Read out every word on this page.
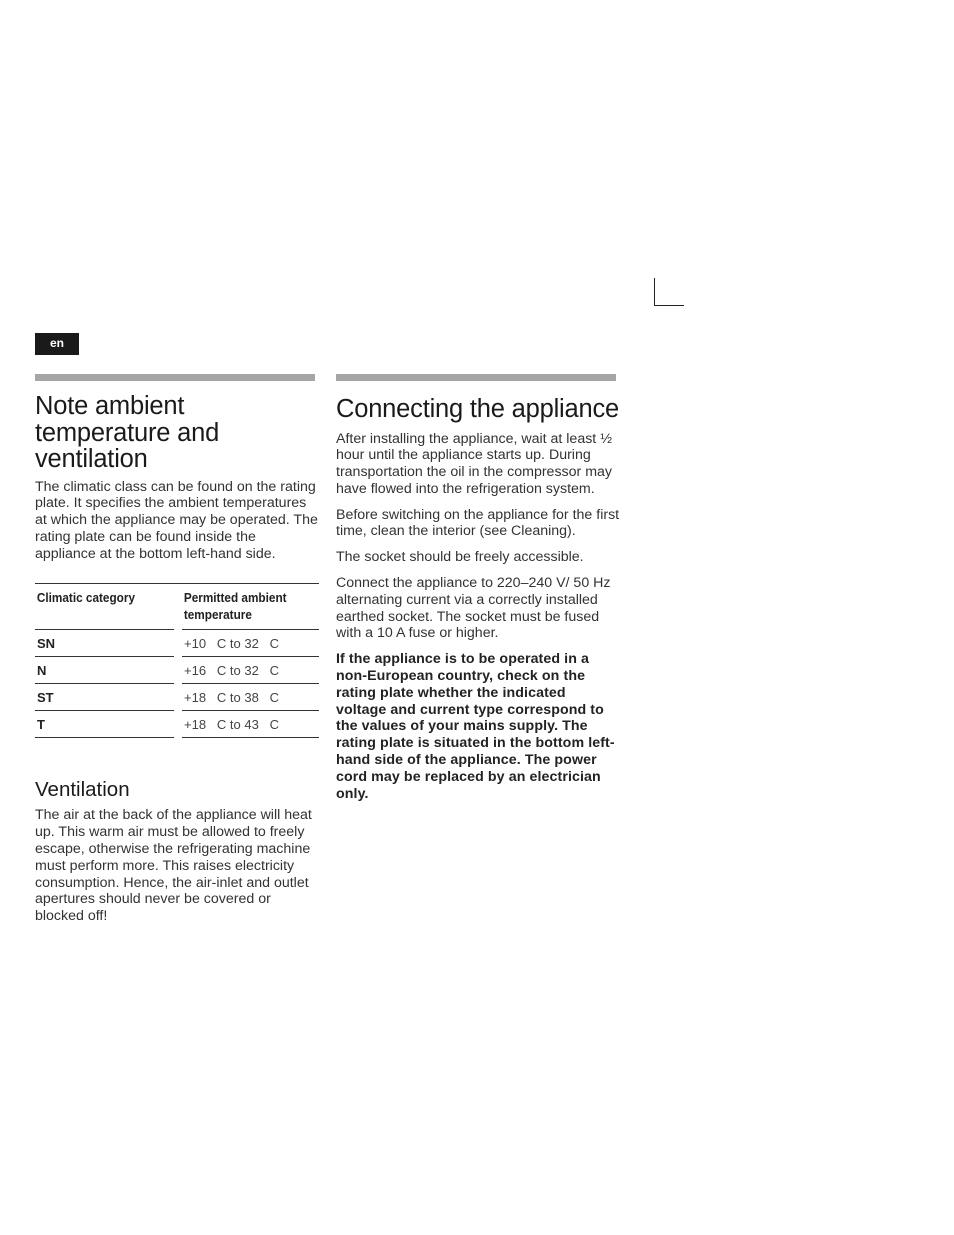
en
Note ambient temperature and ventilation

The climatic class can be found on the rating plate. It specifies the ambient temperatures at which the appliance may be operated. The rating plate can be found inside the appliance at the bottom left-hand side.

Climatic category		Permitted ambient temperature
SN		+10   C to 32   C
N		+16   C to 32   C
ST		+18   C to 38   C
T		+18   C to 43   C
Ventilation

The air at the back of the appliance will heat up. This warm air must be allowed to freely escape, otherwise the refrigerating machine must perform more. This raises electricity consumption. Hence, the air-inlet and outlet apertures should never be covered or blocked off!

Connecting the appliance

After installing the appliance, wait at least ½ hour until the appliance starts up. During transportation the oil in the compressor may have flowed into the refrigeration system.

Before switching on the appliance for the first time, clean the interior (see Cleaning).

The socket should be freely accessible.

Connect the appliance to 220–240 V/ 50 Hz alternating current via a correctly installed earthed socket. The socket must be fused with a 10 A fuse or higher.

If the appliance is to be operated in a non-European country, check on the rating plate whether the indicated voltage and current type correspond to the values of your mains supply. The rating plate is situated in the bottom left-hand side of the appliance. The power cord may be replaced by an electrician only.
